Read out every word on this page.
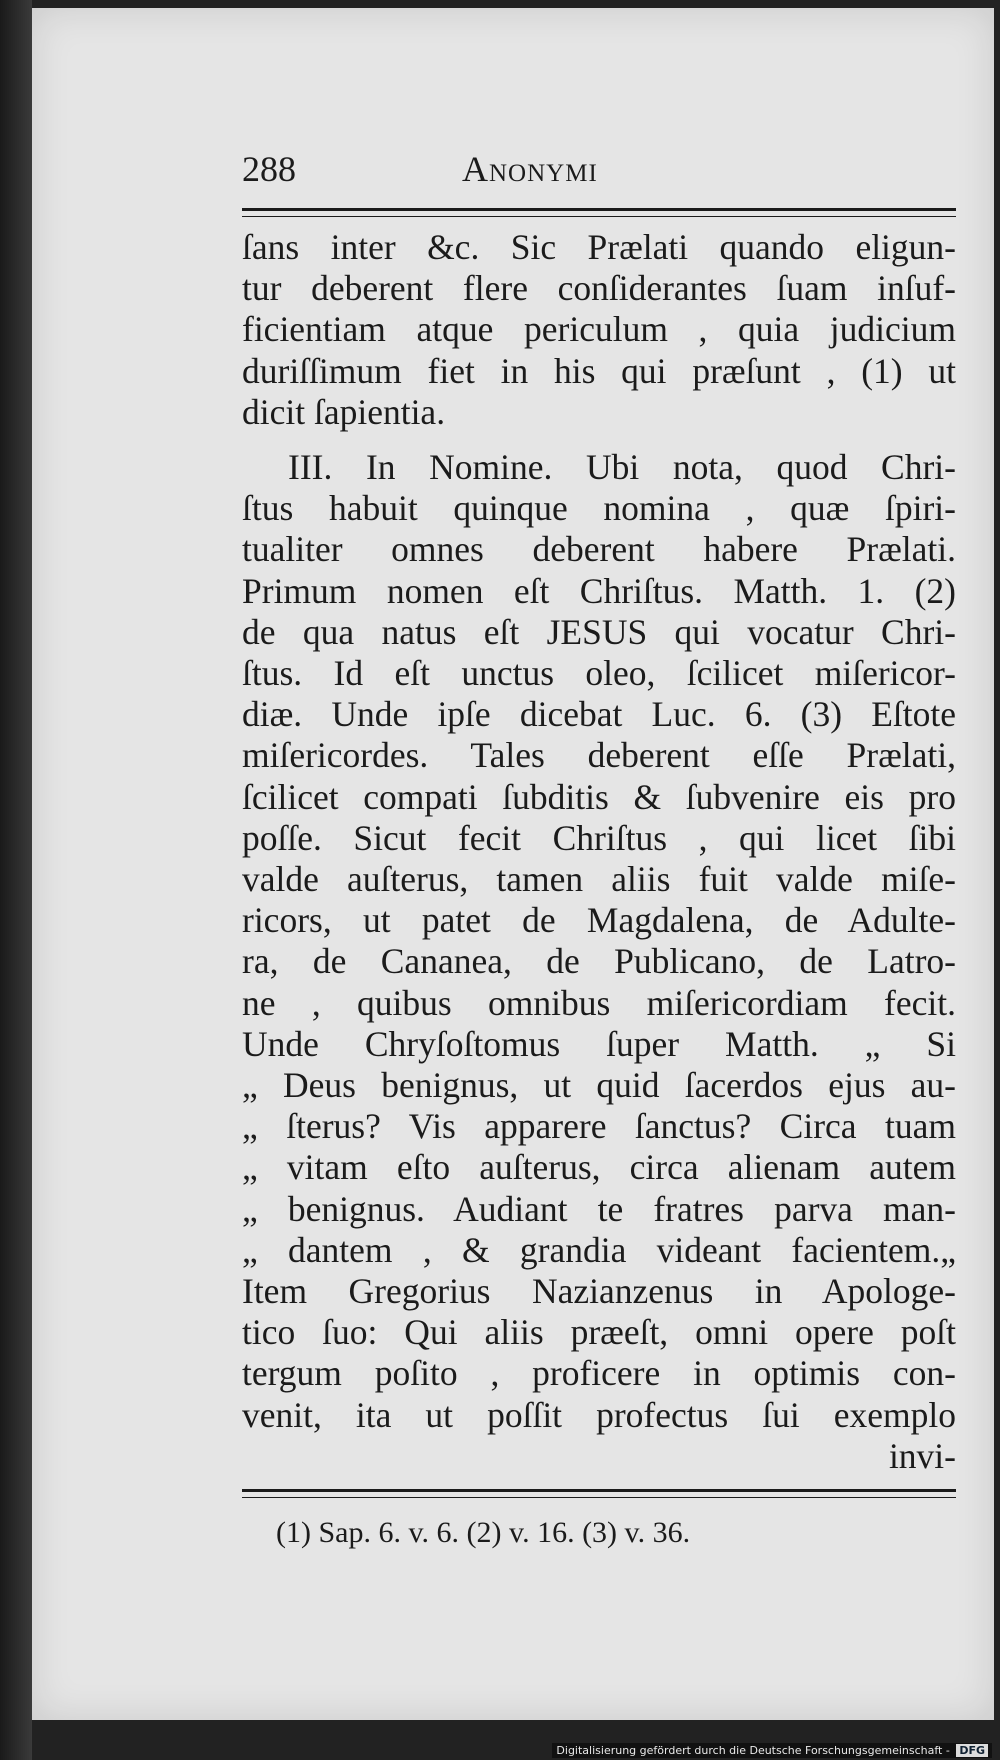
288	Anonymi
ſans inter &c. Sic Prælati quando eligun-
tur deberent flere conſiderantes ſuam inſuf-
ficientiam atque periculum , quia judicium
duriſſimum fiet in his qui præſunt , (1) ut
dicit ſapientia.
III. In Nomine. Ubi nota, quod Chri-
ſtus habuit quinque nomina , quæ ſpiri-
tualiter omnes deberent habere Prælati.
Primum nomen eſt Chriſtus. Matth. 1. (2)
de qua natus eſt JESUS qui vocatur Chri-
ſtus. Id eſt unctus oleo, ſcilicet miſericor-
diæ. Unde ipſe dicebat Luc. 6. (3) Eſtote
miſericordes. Tales deberent eſſe Prælati,
ſcilicet compati ſubditis & ſubvenire eis pro
poſſe. Sicut fecit Chriſtus , qui licet ſibi
valde auſterus, tamen aliis fuit valde miſe-
ricors, ut patet de Magdalena, de Adulte-
ra, de Cananea, de Publicano, de Latro-
ne , quibus omnibus miſericordiam fecit.
Unde Chryſoſtomus ſuper Matth. „ Si
„ Deus benignus, ut quid ſacerdos ejus au-
„ ſterus? Vis apparere ſanctus? Circa tuam
„ vitam eſto auſterus, circa alienam autem
„ benignus. Audiant te fratres parva man-
„ dantem , & grandia videant facientem.„
Item Gregorius Nazianzenus in Apologe-
tico ſuo: Qui aliis præeſt, omni opere poſt
tergum poſito , proficere in optimis con-
venit, ita ut poſſit profectus ſui exemplo
invi-
(1) Sap. 6. v. 6. (2) v. 16. (3) v. 36.
Digitalisierung gefördert durch die Deutsche Forschungsgemeinschaft - DFG
